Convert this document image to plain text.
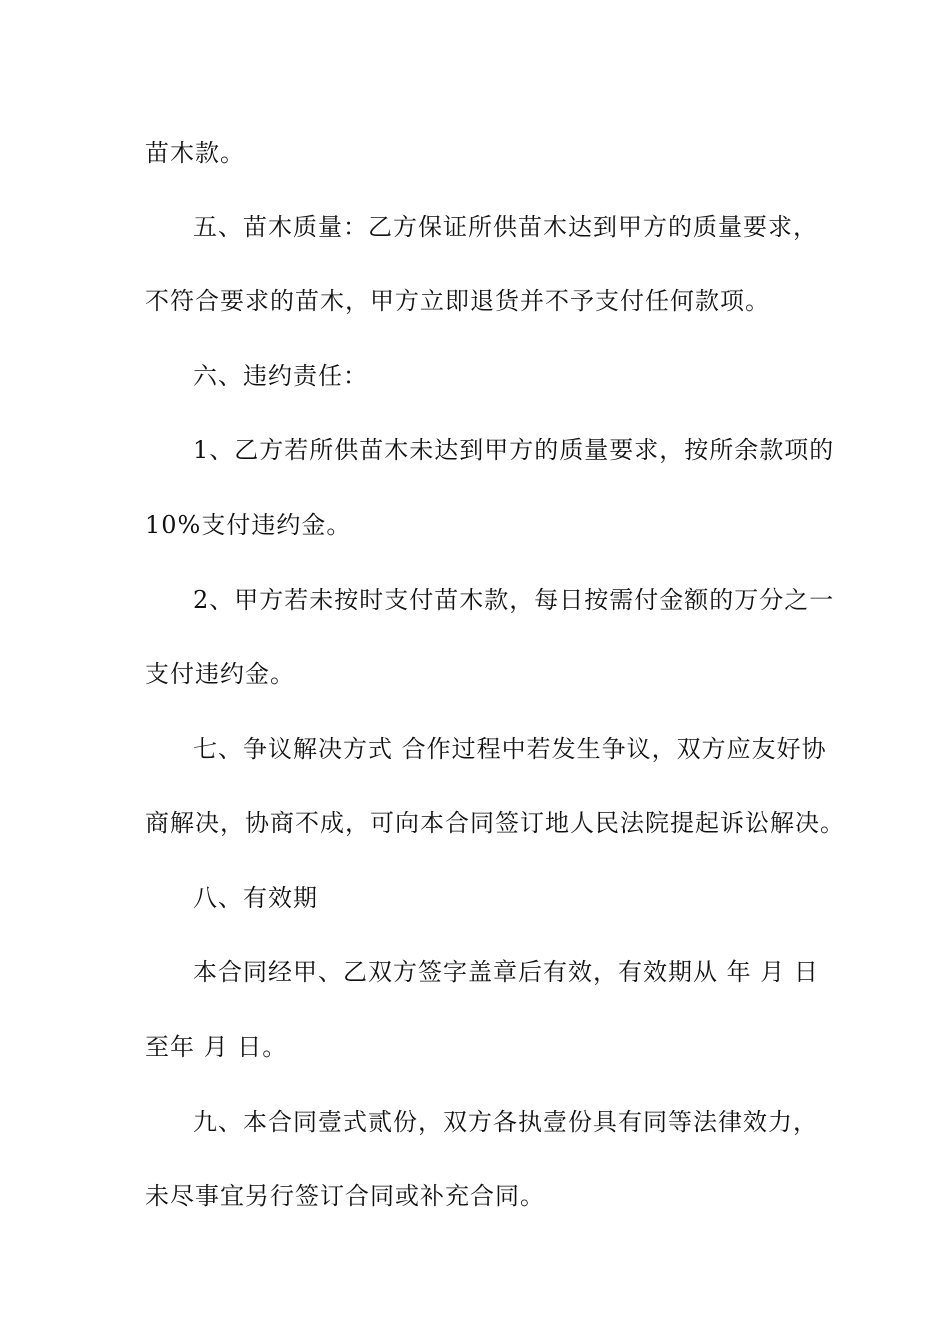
苗木款。
五、苗木质量：乙方保证所供苗木达到甲方的质量要求，
不符合要求的苗木，甲方立即退货并不予支付任何款项。
六、违约责任：
1、乙方若所供苗木未达到甲方的质量要求，按所余款项的
10%支付违约金。
2、甲方若未按时支付苗木款，每日按需付金额的万分之一
支付违约金。
七、争议解决方式 合作过程中若发生争议，双方应友好协
商解决，协商不成，可向本合同签订地人民法院提起诉讼解决。
八、有效期
本合同经甲、乙双方签字盖章后有效，有效期从 年 月 日
至年 月 日。
九、本合同壹式贰份，双方各执壹份具有同等法律效力，
未尽事宜另行签订合同或补充合同。
